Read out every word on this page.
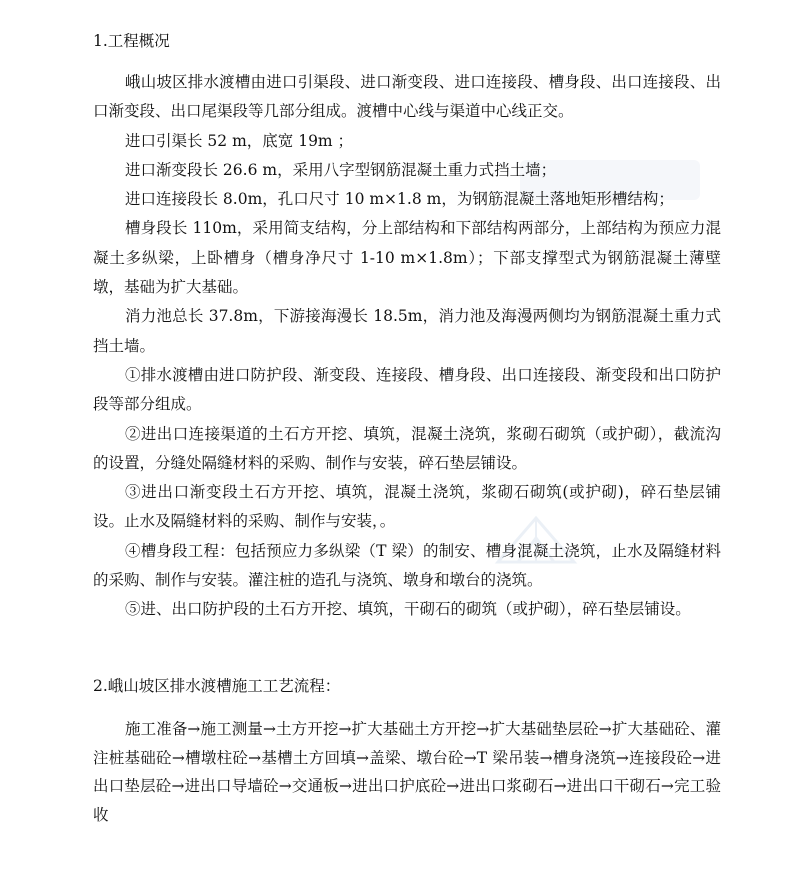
1.工程概况

峨山坡区排水渡槽由进口引渠段、进口渐变段、进口连接段、槽身段、出口连接段、出口渐变段、出口尾渠段等几部分组成。渡槽中心线与渠道中心线正交。

进口引渠长 52 m，底宽 19m ；

进口渐变段长 26.6 m，采用八字型钢筋混凝土重力式挡土墙；

进口连接段长 8.0m，孔口尺寸 10 m×1.8 m，为钢筋混凝土落地矩形槽结构；

槽身段长 110m，采用简支结构，分上部结构和下部结构两部分，上部结构为预应力混凝土多纵梁，上卧槽身（槽身净尺寸 1-10 m×1.8m）；下部支撑型式为钢筋混凝土薄壁墩，基础为扩大基础。

消力池总长 37.8m，下游接海漫长 18.5m，消力池及海漫两侧均为钢筋混凝土重力式挡土墙。

①排水渡槽由进口防护段、渐变段、连接段、槽身段、出口连接段、渐变段和出口防护段等部分组成。

②进出口连接渠道的土石方开挖、填筑，混凝土浇筑，浆砌石砌筑（或护砌），截流沟的设置，分缝处隔缝材料的采购、制作与安装，碎石垫层铺设。

③进出口渐变段土石方开挖、填筑，混凝土浇筑，浆砌石砌筑(或护砌)，碎石垫层铺设。止水及隔缝材料的采购、制作与安装，。

④槽身段工程：包括预应力多纵梁（T 梁）的制安、槽身混凝土浇筑，止水及隔缝材料的采购、制作与安装。灌注桩的造孔与浇筑、墩身和墩台的浇筑。

⑤进、出口防护段的土石方开挖、填筑，干砌石的砌筑（或护砌），碎石垫层铺设。

2.峨山坡区排水渡槽施工工艺流程：

施工准备→施工测量→土方开挖→扩大基础土方开挖→扩大基础垫层砼→扩大基础砼、灌注桩基础砼→槽墩柱砼→基槽土方回填→盖梁、墩台砼→T 梁吊装→槽身浇筑→连接段砼→进出口垫层砼→进出口导墙砼→交通板→进出口护底砼→进出口浆砌石→进出口干砌石→完工验收
